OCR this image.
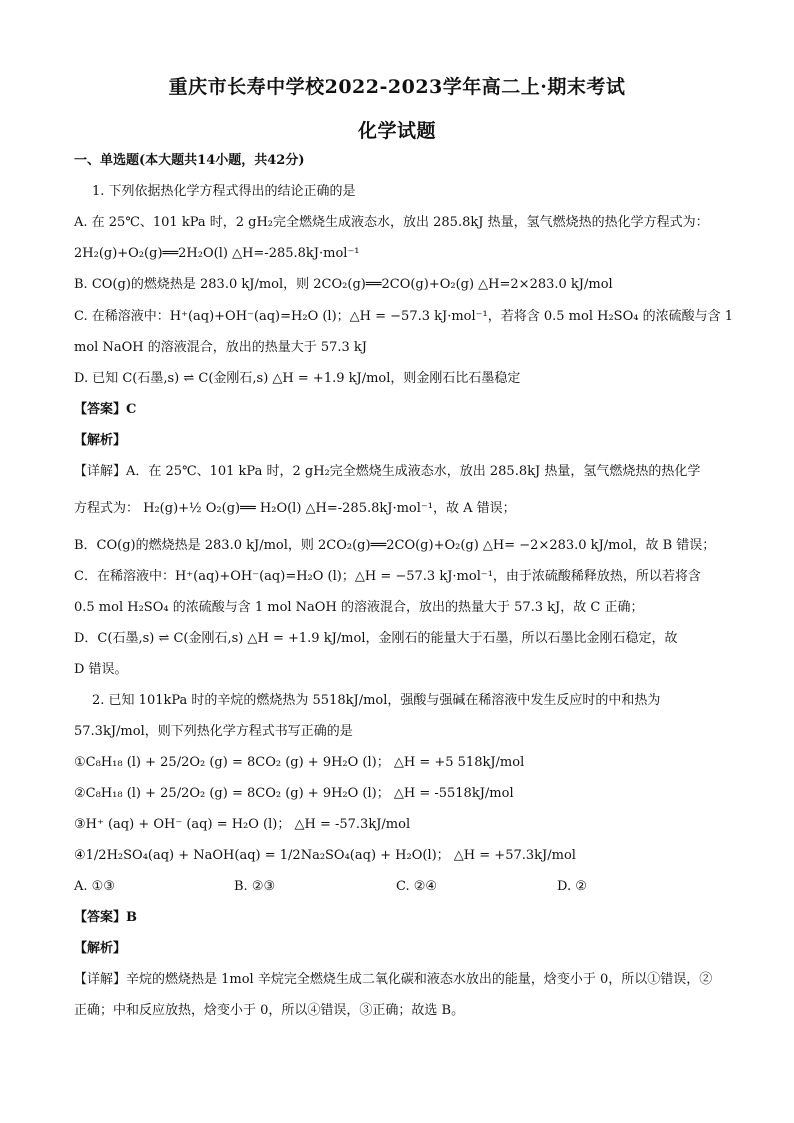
重庆市长寿中学校2022-2023学年高二上·期末考试
化学试题
一、单选题(本大题共14小题，共42分)
1. 下列依据热化学方程式得出的结论正确的是
A. 在 25℃、101 kPa 时，2 gH₂完全燃烧生成液态水，放出 285.8kJ 热量，氢气燃烧热的热化学方程式为：
2H₂(g)+O₂(g)══2H₂O(l) △H=-285.8kJ·mol⁻¹
B. CO(g)的燃烧热是 283.0 kJ/mol，则 2CO₂(g)══2CO(g)+O₂(g) △H=2×283.0 kJ/mol
C. 在稀溶液中：H⁺(aq)+OH⁻(aq)=H₂O (l)；△H = −57.3 kJ·mol⁻¹，若将含 0.5 mol H₂SO₄ 的浓硫酸与含 1
mol NaOH 的溶液混合，放出的热量大于 57.3 kJ
D. 已知 C(石墨,s) ⇌ C(金刚石,s) △H = +1.9 kJ/mol，则金刚石比石墨稳定
【答案】C
【解析】
【详解】A．在 25℃、101 kPa 时，2 gH₂完全燃烧生成液态水，放出 285.8kJ 热量，氢气燃烧热的热化学
方程式为： H₂(g)+½ O₂(g)══ H₂O(l) △H=-285.8kJ·mol⁻¹，故 A 错误；
B．CO(g)的燃烧热是 283.0 kJ/mol，则 2CO₂(g)══2CO(g)+O₂(g) △H= −2×283.0 kJ/mol，故 B 错误；
C．在稀溶液中：H⁺(aq)+OH⁻(aq)=H₂O (l)；△H = −57.3 kJ·mol⁻¹，由于浓硫酸稀释放热，所以若将含
0.5 mol H₂SO₄ 的浓硫酸与含 1 mol NaOH 的溶液混合，放出的热量大于 57.3 kJ，故 C 正确；
D．C(石墨,s) ⇌ C(金刚石,s) △H = +1.9 kJ/mol，金刚石的能量大于石墨，所以石墨比金刚石稳定，故
D 错误。
2. 已知 101kPa 时的辛烷的燃烧热为 5518kJ/mol，强酸与强碱在稀溶液中发生反应时的中和热为
57.3kJ/mol，则下列热化学方程式书写正确的是
①C₈H₁₈ (l) + 25/2O₂ (g) = 8CO₂ (g) + 9H₂O (l)； △H = +5 518kJ/mol
②C₈H₁₈ (l) + 25/2O₂ (g) = 8CO₂ (g) + 9H₂O (l)； △H = -5518kJ/mol
③H⁺ (aq) + OH⁻ (aq) = H₂O (l)； △H = -57.3kJ/mol
④1/2H₂SO₄(aq) + NaOH(aq) = 1/2Na₂SO₄(aq) + H₂O(l)； △H = +57.3kJ/mol
A. ①③	B. ②③	C. ②④	D. ②
【答案】B
【解析】
【详解】辛烷的燃烧热是 1mol 辛烷完全燃烧生成二氧化碳和液态水放出的能量，焓变小于 0，所以①错误，②
正确；中和反应放热，焓变小于 0，所以④错误，③正确；故选 B。
